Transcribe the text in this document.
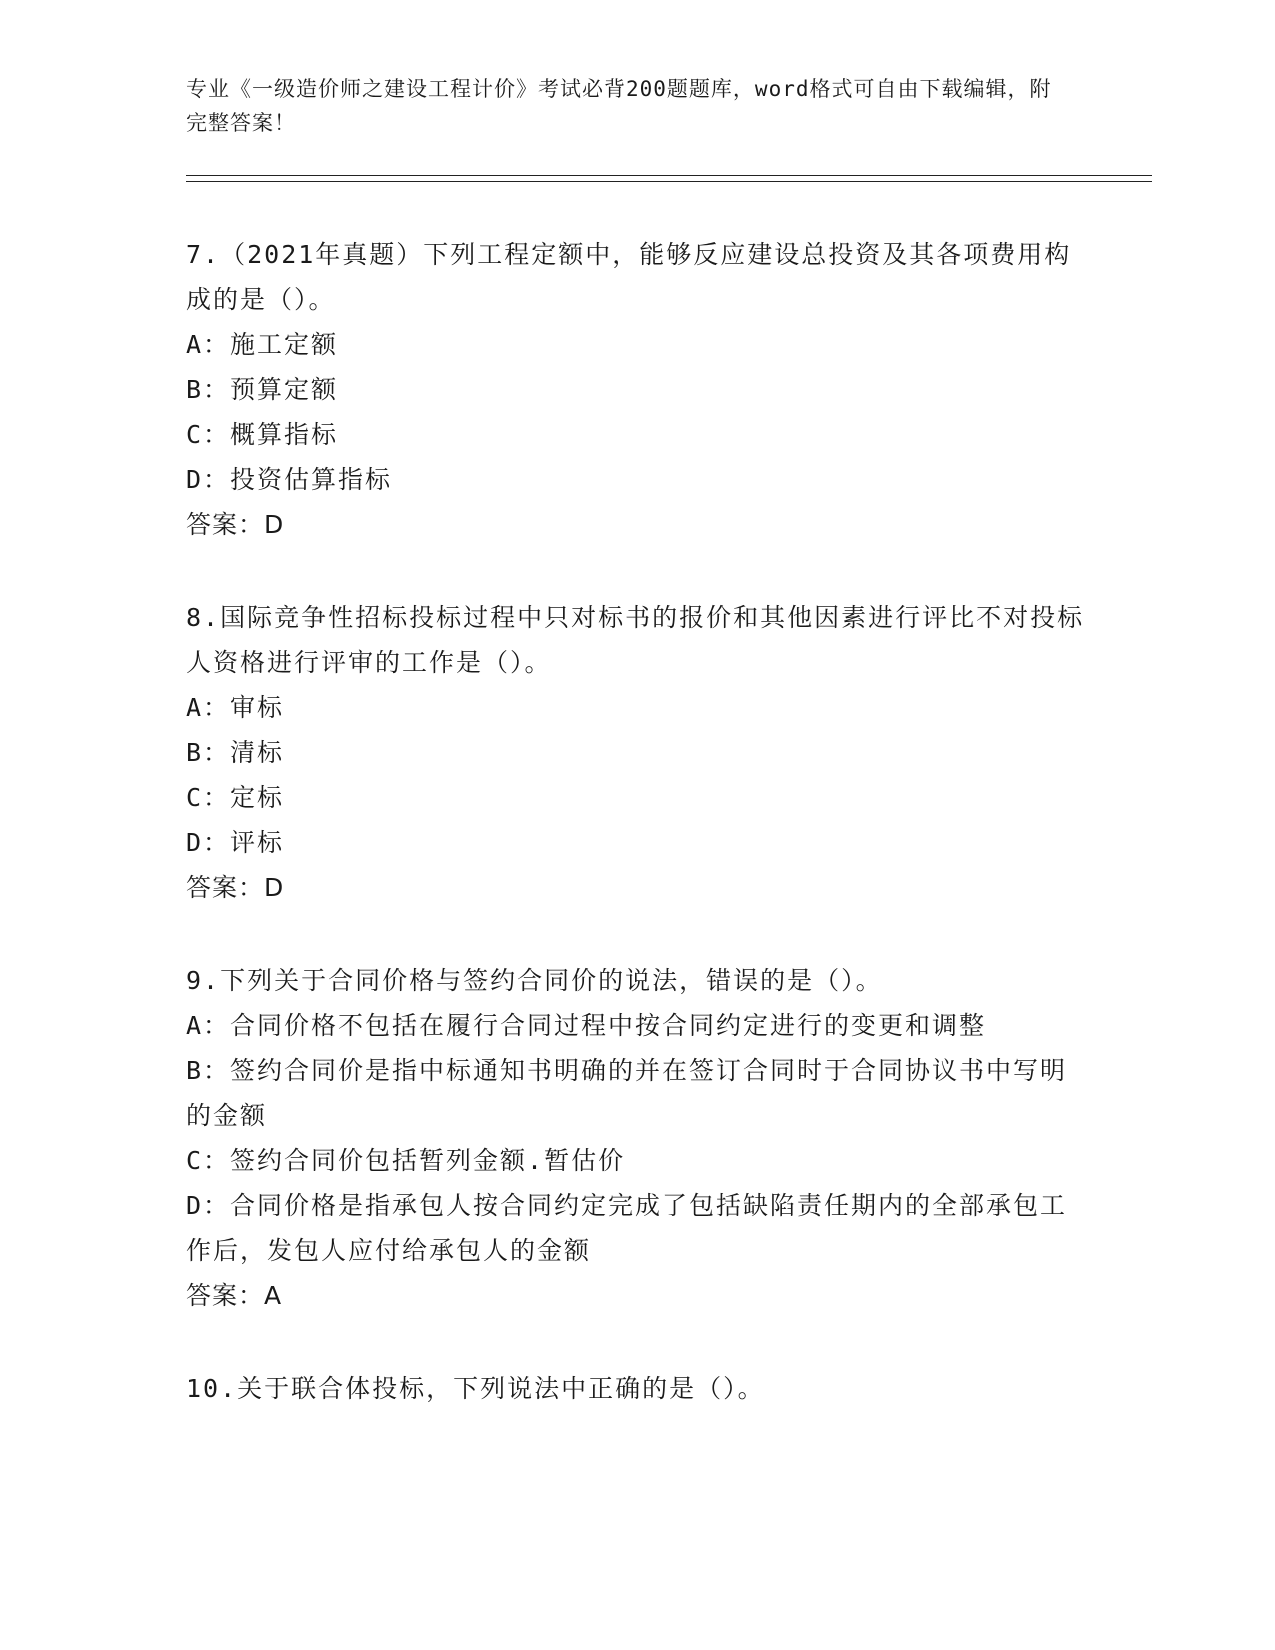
专业《一级造价师之建设工程计价》考试必背200题题库，word格式可自由下载编辑，附完整答案！
7.（2021年真题）下列工程定额中，能够反应建设总投资及其各项费用构成的是（）。
A：施工定额
B：预算定额
C：概算指标
D：投资估算指标
答案：D
8.国际竞争性招标投标过程中只对标书的报价和其他因素进行评比不对投标人资格进行评审的工作是（）。
A：审标
B：清标
C：定标
D：评标
答案：D
9.下列关于合同价格与签约合同价的说法，错误的是（）。
A：合同价格不包括在履行合同过程中按合同约定进行的变更和调整
B：签约合同价是指中标通知书明确的并在签订合同时于合同协议书中写明的金额
C：签约合同价包括暂列金额.暂估价
D：合同价格是指承包人按合同约定完成了包括缺陷责任期内的全部承包工作后，发包人应付给承包人的金额
答案：A
10.关于联合体投标，下列说法中正确的是（）。
